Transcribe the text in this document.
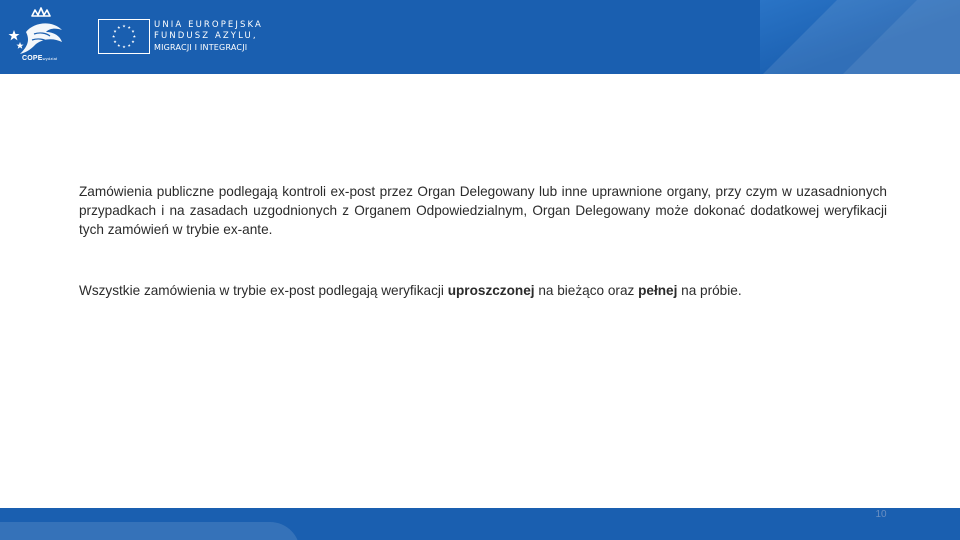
COPEwydział
UNIA EUROPEJSKA
FUNDUSZ AZYLU,
MIGRACJI I INTEGRACJI

Zamówienia publiczne podlegają kontroli ex-post przez Organ Delegowany lub inne uprawnione organy, przy czym w uzasadnionych przypadkach i na zasadach uzgodnionych z Organem Odpowiedzialnym, Organ Delegowany może dokonać dodatkowej weryfikacji tych zamówień w trybie ex-ante.

Wszystkie zamówienia w trybie ex-post podlegają weryfikacji uproszczonej na bieżąco oraz pełnej na próbie.

10
